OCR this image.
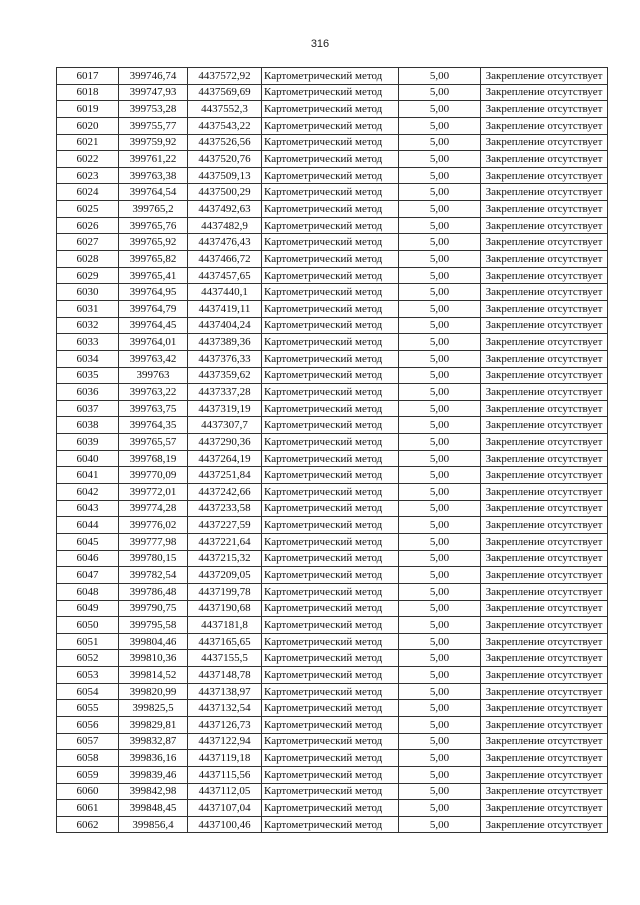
316
6017	399746,74	4437572,92	Картометрический метод	5,00	Закрепление отсутствует
6018	399747,93	4437569,69	Картометрический метод	5,00	Закрепление отсутствует
6019	399753,28	4437552,3	Картометрический метод	5,00	Закрепление отсутствует
6020	399755,77	4437543,22	Картометрический метод	5,00	Закрепление отсутствует
6021	399759,92	4437526,56	Картометрический метод	5,00	Закрепление отсутствует
6022	399761,22	4437520,76	Картометрический метод	5,00	Закрепление отсутствует
6023	399763,38	4437509,13	Картометрический метод	5,00	Закрепление отсутствует
6024	399764,54	4437500,29	Картометрический метод	5,00	Закрепление отсутствует
6025	399765,2	4437492,63	Картометрический метод	5,00	Закрепление отсутствует
6026	399765,76	4437482,9	Картометрический метод	5,00	Закрепление отсутствует
6027	399765,92	4437476,43	Картометрический метод	5,00	Закрепление отсутствует
6028	399765,82	4437466,72	Картометрический метод	5,00	Закрепление отсутствует
6029	399765,41	4437457,65	Картометрический метод	5,00	Закрепление отсутствует
6030	399764,95	4437440,1	Картометрический метод	5,00	Закрепление отсутствует
6031	399764,79	4437419,11	Картометрический метод	5,00	Закрепление отсутствует
6032	399764,45	4437404,24	Картометрический метод	5,00	Закрепление отсутствует
6033	399764,01	4437389,36	Картометрический метод	5,00	Закрепление отсутствует
6034	399763,42	4437376,33	Картометрический метод	5,00	Закрепление отсутствует
6035	399763	4437359,62	Картометрический метод	5,00	Закрепление отсутствует
6036	399763,22	4437337,28	Картометрический метод	5,00	Закрепление отсутствует
6037	399763,75	4437319,19	Картометрический метод	5,00	Закрепление отсутствует
6038	399764,35	4437307,7	Картометрический метод	5,00	Закрепление отсутствует
6039	399765,57	4437290,36	Картометрический метод	5,00	Закрепление отсутствует
6040	399768,19	4437264,19	Картометрический метод	5,00	Закрепление отсутствует
6041	399770,09	4437251,84	Картометрический метод	5,00	Закрепление отсутствует
6042	399772,01	4437242,66	Картометрический метод	5,00	Закрепление отсутствует
6043	399774,28	4437233,58	Картометрический метод	5,00	Закрепление отсутствует
6044	399776,02	4437227,59	Картометрический метод	5,00	Закрепление отсутствует
6045	399777,98	4437221,64	Картометрический метод	5,00	Закрепление отсутствует
6046	399780,15	4437215,32	Картометрический метод	5,00	Закрепление отсутствует
6047	399782,54	4437209,05	Картометрический метод	5,00	Закрепление отсутствует
6048	399786,48	4437199,78	Картометрический метод	5,00	Закрепление отсутствует
6049	399790,75	4437190,68	Картометрический метод	5,00	Закрепление отсутствует
6050	399795,58	4437181,8	Картометрический метод	5,00	Закрепление отсутствует
6051	399804,46	4437165,65	Картометрический метод	5,00	Закрепление отсутствует
6052	399810,36	4437155,5	Картометрический метод	5,00	Закрепление отсутствует
6053	399814,52	4437148,78	Картометрический метод	5,00	Закрепление отсутствует
6054	399820,99	4437138,97	Картометрический метод	5,00	Закрепление отсутствует
6055	399825,5	4437132,54	Картометрический метод	5,00	Закрепление отсутствует
6056	399829,81	4437126,73	Картометрический метод	5,00	Закрепление отсутствует
6057	399832,87	4437122,94	Картометрический метод	5,00	Закрепление отсутствует
6058	399836,16	4437119,18	Картометрический метод	5,00	Закрепление отсутствует
6059	399839,46	4437115,56	Картометрический метод	5,00	Закрепление отсутствует
6060	399842,98	4437112,05	Картометрический метод	5,00	Закрепление отсутствует
6061	399848,45	4437107,04	Картометрический метод	5,00	Закрепление отсутствует
6062	399856,4	4437100,46	Картометрический метод	5,00	Закрепление отсутствует
